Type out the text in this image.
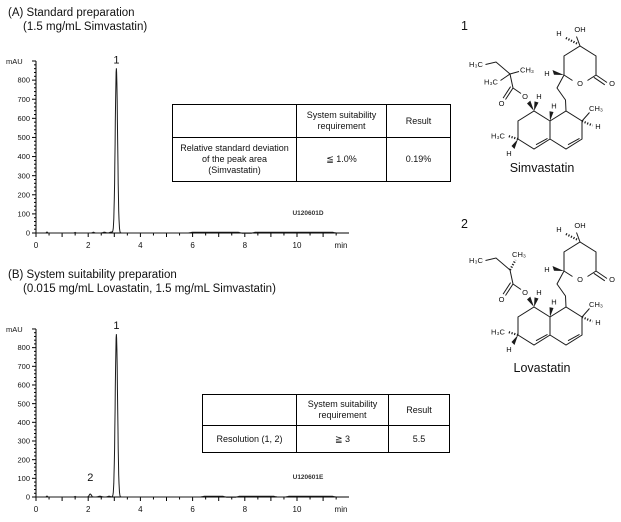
(A) Standard preparation
(1.5 mg/mL Simvastatin)
0
100
200
300
400
500
600
700
800
mAU
0	2	4	6	8	10	min
1
U120601D
	System suitability requirement	Result
Relative standard deviation of the peak area (Simvastatin)	≦ 1.0%	0.19%
(B) System suitability preparation
(0.015 mg/mL Lovastatin, 1.5 mg/mL Simvastatin)
0
100
200
300
400
500
600
700
800
mAU
0	2	4	6	8	10	min
2
1
U120601E
	System suitability requirement	Result
Resolution (1, 2)	≧ 3	5.5
1
O	O
OH
H
H
H
H	CH₃
H
H₃C
H
O
O
CH₃
H₃C
H₃C
Simvastatin
2
O	O
OH
H
H
H
H	CH₃
H
H₃C
H
O
O
CH₃
H₃C
Lovastatin
